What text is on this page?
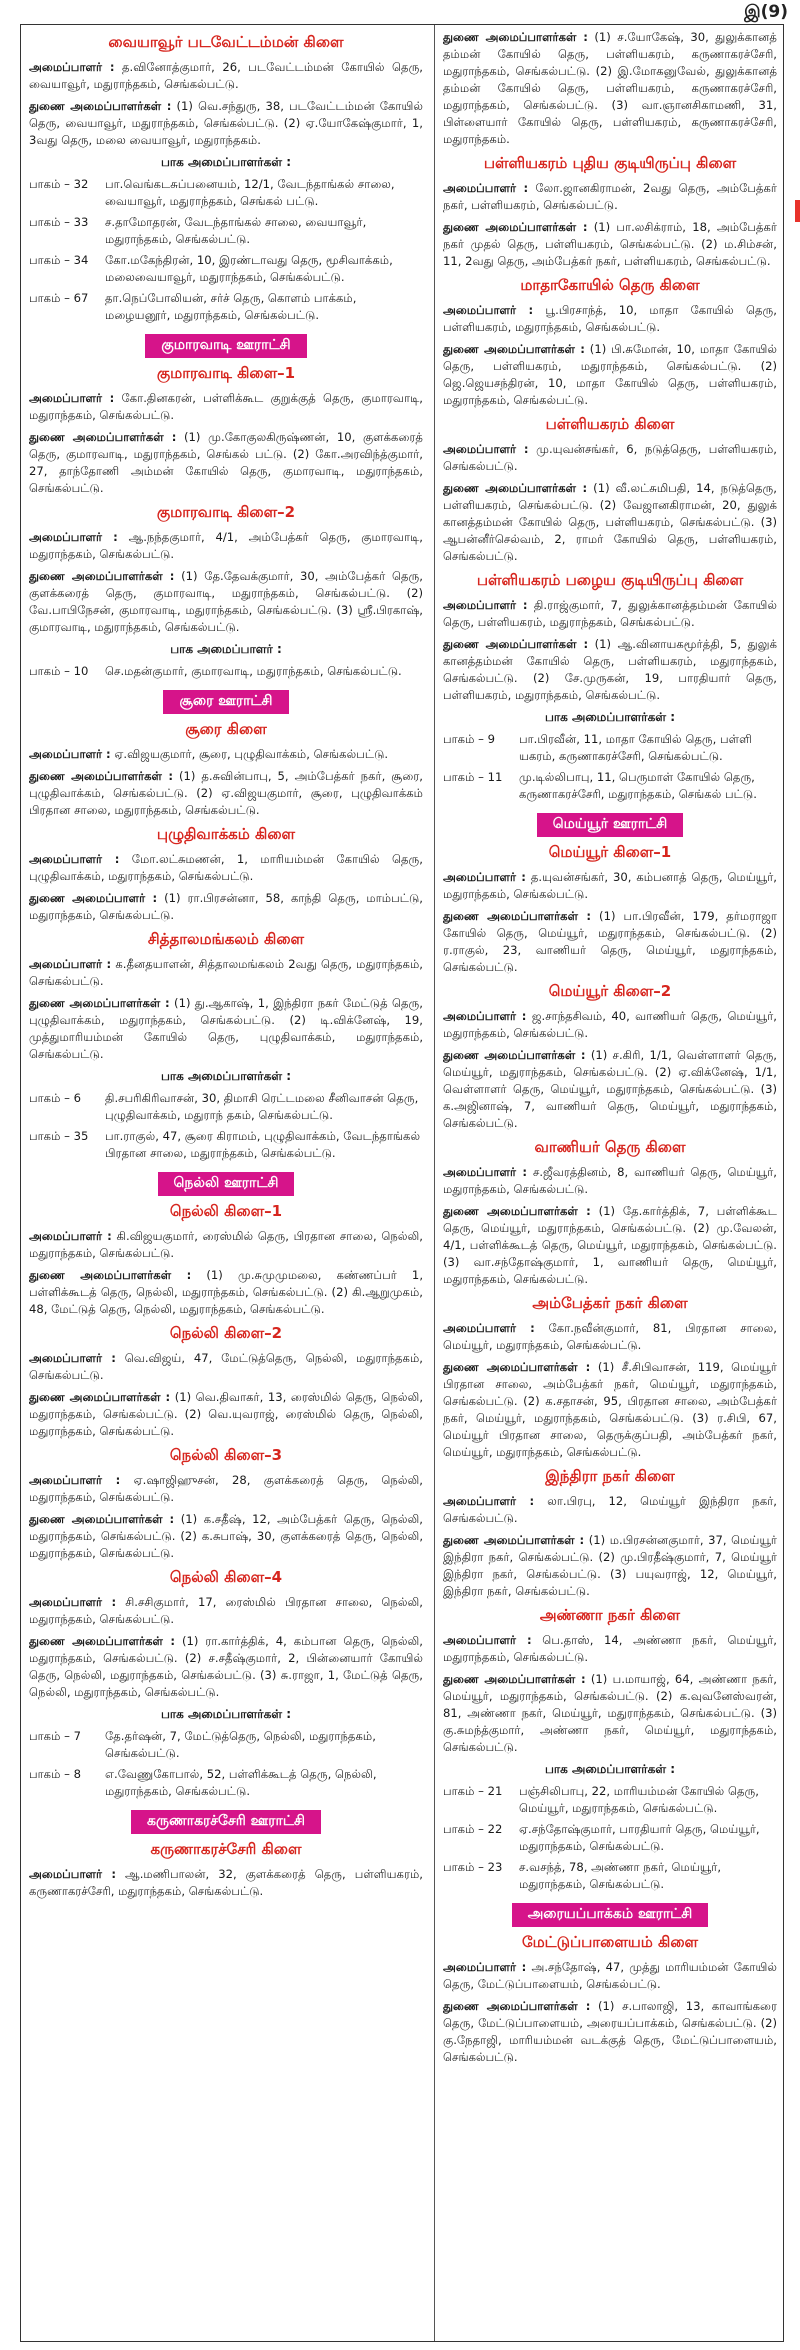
இ(9)
வையாவூர் படவேட்டம்மன் கிளை

அமைப்பாளர் : த.வினோத்குமார், 26, படவேட்டம்மன் கோயில் தெரு, வையாவூர், மதுராந்தகம், செங்கல்பட்டு.

துணை அமைப்பாளர்கள் : (1) வெ.சந்துரு, 38, படவேட்டம்மன் கோயில் தெரு, வையாவூர், மதுராந்தகம், செங்கல்பட்டு. (2) ஏ.யோகேஷ்குமார், 1, 3வது தெரு, மலை வையாவூர், மதுராந்தகம்.

பாக அமைப்பாளர்கள் :
பாகம் – 32	பா.வெங்கடசுப்பனையம், 12/1, வேடந்தாங்கல் சாலை, வையாவூர், மதுராந்தகம், செங்கல் பட்டு.
பாகம் – 33	ச.தாமோதரன், வேடந்தாங்கல் சாலை, வையாவூர், மதுராந்தகம், செங்கல்பட்டு.
பாகம் – 34	கோ.மகேந்திரன், 10, இரண்டாவது தெரு, மூசிவாக்கம், மலைவையாவூர், மதுராந்தகம், செங்கல்பட்டு.
பாகம் – 67	தா.நெப்போலியன், சர்ச் தெரு, கொளம் பாக்கம், மழையனூர், மதுராந்தகம், செங்கல்பட்டு.
குமாரவாடி ஊராட்சி
குமாரவாடி கிளை–1

அமைப்பாளர் : கோ.தினகரன், பள்ளிக்கூட குறுக்குத் தெரு, குமாரவாடி, மதுராந்தகம், செங்கல்பட்டு.

துணை அமைப்பாளர்கள் : (1) மு.கோகுலகிருஷ்ணன், 10, குளக்கரைத் தெரு, குமாரவாடி, மதுராந்தகம், செங்கல் பட்டு. (2) கோ.அரவிந்த்குமார், 27, தாந்தோணி அம்மன் கோயில் தெரு, குமாரவாடி, மதுராந்தகம், செங்கல்பட்டு.

குமாரவாடி கிளை–2

அமைப்பாளர் : ஆ.நந்தகுமார், 4/1, அம்பேத்கர் தெரு, குமாரவாடி, மதுராந்தகம், செங்கல்பட்டு.

துணை அமைப்பாளர்கள் : (1) தே.தேவக்குமார், 30, அம்பேத்கர் தெரு, குளக்கரைத் தெரு, குமாரவாடி, மதுராந்தகம், செங்கல்பட்டு. (2) வே.பாபிநேசன், குமாரவாடி, மதுராந்தகம், செங்கல்பட்டு. (3) ஸ்ரீ.பிரகாஷ், குமாரவாடி, மதுராந்தகம், செங்கல்பட்டு.

பாக அமைப்பாளர் :
பாகம் – 10	செ.மதன்குமார், குமாரவாடி, மதுராந்தகம், செங்கல்பட்டு.
சூரை ஊராட்சி
சூரை கிளை

அமைப்பாளர் : ஏ.விஜயகுமார், சூரை, புழுதிவாக்கம், செங்கல்பட்டு.

துணை அமைப்பாளர்கள் : (1) த.சுவின்பாபு, 5, அம்பேத்கர் நகர், சூரை, புழுதிவாக்கம், செங்கல்பட்டு. (2) ஏ.விஜயகுமார், சூரை, புழுதிவாக்கம் பிரதான சாலை, மதுராந்தகம், செங்கல்பட்டு.

புழுதிவாக்கம் கிளை

அமைப்பாளர் : மோ.லட்சுமணன், 1, மாரியம்மன் கோயில் தெரு, புழுதிவாக்கம், மதுராந்தகம், செங்கல்பட்டு.

துணை அமைப்பாளர் : (1) ரா.பிரசன்னா, 58, காந்தி தெரு, மாம்பட்டு, மதுராந்தகம், செங்கல்பட்டு.

சித்தாலமங்கலம் கிளை

அமைப்பாளர் : க.தீனதயாளன், சித்தாலமங்கலம் 2வது தெரு, மதுராந்தகம், செங்கல்பட்டு.

துணை அமைப்பாளர்கள் : (1) து.ஆகாஷ், 1, இந்திரா நகர் மேட்டுத் தெரு, புழுதிவாக்கம், மதுராந்தகம், செங்கல்பட்டு. (2) டி.விக்னேஷ், 19, முத்துமாரியம்மன் கோயில் தெரு, புழுதிவாக்கம், மதுராந்தகம், செங்கல்பட்டு.

பாக அமைப்பாளர்கள் :
பாகம் – 6	தி.சபரிகிரிவாசன், 30, திமாசி ரெட்டமலை சீனிவாசன் தெரு, புழுதிவாக்கம், மதுராந் தகம், செங்கல்பட்டு.
பாகம் – 35	பா.ராகுல், 47, சூரை கிராமம், புழுதிவாக்கம், வேடந்தாங்கல் பிரதான சாலை, மதுராந்தகம், செங்கல்பட்டு.
நெல்லி ஊராட்சி
நெல்லி கிளை–1

அமைப்பாளர் : கி.விஜயகுமார், ரைஸ்மில் தெரு, பிரதான சாலை, நெல்லி, மதுராந்தகம், செங்கல்பட்டு.

துணை அமைப்பாளர்கள் : (1) மு.சுமுமுமலை, கண்ணப்பர் 1, பள்ளிக்கூடத் தெரு, நெல்லி, மதுராந்தகம், செங்கல்பட்டு. (2) கி.ஆறுமுகம், 48, மேட்டுத் தெரு, நெல்லி, மதுராந்தகம், செங்கல்பட்டு.

நெல்லி கிளை–2

அமைப்பாளர் : வெ.விஜய், 47, மேட்டுத்தெரு, நெல்லி, மதுராந்தகம், செங்கல்பட்டு.

துணை அமைப்பாளர்கள் : (1) வெ.திவாகர், 13, ரைஸ்மில் தெரு, நெல்லி, மதுராந்தகம், செங்கல்பட்டு. (2) வெ.யுவராஜ், ரைஸ்மில் தெரு, நெல்லி, மதுராந்தகம், செங்கல்பட்டு.

நெல்லி கிளை–3

அமைப்பாளர் : ஏ.ஷாஜிஹுசன், 28, குளக்கரைத் தெரு, நெல்லி, மதுராந்தகம், செங்கல்பட்டு.

துணை அமைப்பாளர்கள் : (1) க.சதீஷ், 12, அம்பேத்கர் தெரு, நெல்லி, மதுராந்தகம், செங்கல்பட்டு. (2) க.சுபாஷ், 30, குளக்கரைத் தெரு, நெல்லி, மதுராந்தகம், செங்கல்பட்டு.

நெல்லி கிளை–4

அமைப்பாளர் : சி.சசிகுமார், 17, ரைஸ்மில் பிரதான சாலை, நெல்லி, மதுராந்தகம், செங்கல்பட்டு.

துணை அமைப்பாளர்கள் : (1) ரா.கார்த்திக், 4, கம்பான தெரு, நெல்லி, மதுராந்தகம், செங்கல்பட்டு. (2) ச.சதீஷ்குமார், 2, பின்னையார் கோயில் தெரு, நெல்லி, மதுராந்தகம், செங்கல்பட்டு. (3) சு.ராஜா, 1, மேட்டுத் தெரு, நெல்லி, மதுராந்தகம், செங்கல்பட்டு.

பாக அமைப்பாளர்கள் :
பாகம் – 7	தே.தர்ஷன், 7, மேட்டுத்தெரு, நெல்லி, மதுராந்தகம், செங்கல்பட்டு.
பாகம் – 8	எ.வேணுகோபால், 52, பள்ளிக்கூடத் தெரு, நெல்லி, மதுராந்தகம், செங்கல்பட்டு.
கருணாகரச்சேரி ஊராட்சி
கருணாகரச்சேரி கிளை

அமைப்பாளர் : ஆ.மணிபாலன், 32, குளக்கரைத் தெரு, பள்ளியகரம், கருணாகரச்சேரி, மதுராந்தகம், செங்கல்பட்டு.

துணை அமைப்பாளர்கள் : (1) ச.யோகேஷ், 30, துலுக்கானத் தம்மன் கோயில் தெரு, பள்ளியகரம், கருணாகரச்சேரி, மதுராந்தகம், செங்கல்பட்டு. (2) இ.மோகனுவேல், துலுக்கானத் தம்மன் கோயில் தெரு, பள்ளியகரம், கருணாகரச்சேரி, மதுராந்தகம், செங்கல்பட்டு. (3) வா.ஞானசிகாமணி, 31, பிள்ளையார் கோயில் தெரு, பள்ளியகரம், கருணாகரச்சேரி, மதுராந்தகம்.

பள்ளியகரம் புதிய குடியிருப்பு கிளை

அமைப்பாளர் : லோ.ஜானகிராமன், 2வது தெரு, அம்பேத்கர் நகர், பள்ளியகரம், செங்கல்பட்டு.

துணை அமைப்பாளர்கள் : (1) பா.லசிக்ராம், 18, அம்பேத்கர் நகர் முதல் தெரு, பள்ளியகரம், செங்கல்பட்டு. (2) ம.சிம்சன், 11, 2வது தெரு, அம்பேத்கர் நகர், பள்ளியகரம், செங்கல்பட்டு.

மாதாகோயில் தெரு கிளை

அமைப்பாளர் : பூ.பிரசாந்த், 10, மாதா கோயில் தெரு, பள்ளியகரம், மதுராந்தகம், செங்கல்பட்டு.

துணை அமைப்பாளர்கள் : (1) பி.சுமோன், 10, மாதா கோயில் தெரு, பள்ளியகரம், மதுராந்தகம், செங்கல்பட்டு. (2) ஜெ.ஜெயசந்திரன், 10, மாதா கோயில் தெரு, பள்ளியகரம், மதுராந்தகம், செங்கல்பட்டு.

பள்ளியகரம் கிளை

அமைப்பாளர் : மு.யுவன்சங்கர், 6, நடுத்தெரு, பள்ளியகரம், செங்கல்பட்டு.

துணை அமைப்பாளர்கள் : (1) வீ.லட்சுமிபதி, 14, நடுத்தெரு, பள்ளியகரம், செங்கல்பட்டு. (2) வேஜானகிராமன், 20, துலுக் கானத்தம்மன் கோயில் தெரு, பள்ளியகரம், செங்கல்பட்டு. (3) ஆபன்னீர்செல்வம், 2, ராமர் கோயில் தெரு, பள்ளியகரம், செங்கல்பட்டு.

பள்ளியகரம் பழைய குடியிருப்பு கிளை

அமைப்பாளர் : தி.ராஜ்குமார், 7, துலுக்கானத்தம்மன் கோயில் தெரு, பள்ளியகரம், மதுராந்தகம், செங்கல்பட்டு.

துணை அமைப்பாளர்கள் : (1) ஆ.வினாயகமூர்த்தி, 5, துலுக் கானத்தம்மன் கோயில் தெரு, பள்ளியகரம், மதுராந்தகம், செங்கல்பட்டு. (2) சே.முருகன், 19, பாரதியார் தெரு, பள்ளியகரம், மதுராந்தகம், செங்கல்பட்டு.

பாக அமைப்பாளர்கள் :
பாகம் – 9	பா.பிரவீன், 11, மாதா கோயில் தெரு, பள்ளி யகரம், கருணாகரச்சேரி, செங்கல்பட்டு.
பாகம் – 11	மு.டில்லிபாபு, 11, பெருமாள் கோயில் தெரு, கருணாகரச்சேரி, மதுராந்தகம், செங்கல் பட்டு.
மெய்யூர் ஊராட்சி
மெய்யூர் கிளை–1

அமைப்பாளர் : த.யுவன்சங்கர், 30, கம்பனாத் தெரு, மெய்யூர், மதுராந்தகம், செங்கல்பட்டு.

துணை அமைப்பாளர்கள் : (1) பா.பிரவீன், 179, தர்மராஜா கோயில் தெரு, மெய்யூர், மதுராந்தகம், செங்கல்பட்டு. (2) ர.ராகுல், 23, வாணியர் தெரு, மெய்யூர், மதுராந்தகம், செங்கல்பட்டு.

மெய்யூர் கிளை–2

அமைப்பாளர் : ஜ.சாந்தசிவம், 40, வாணியர் தெரு, மெய்யூர், மதுராந்தகம், செங்கல்பட்டு.

துணை அமைப்பாளர்கள் : (1) ச.கிரி, 1/1, வெள்ளாளர் தெரு, மெய்யூர், மதுராந்தகம், செங்கல்பட்டு. (2) ஏ.விக்னேஷ், 1/1, வெள்ளாளர் தெரு, மெய்யூர், மதுராந்தகம், செங்கல்பட்டு. (3) க.அஜினாஷ், 7, வாணியர் தெரு, மெய்யூர், மதுராந்தகம், செங்கல்பட்டு.

வாணியர் தெரு கிளை

அமைப்பாளர் : ச.ஜீவரத்தினம், 8, வாணியர் தெரு, மெய்யூர், மதுராந்தகம், செங்கல்பட்டு.

துணை அமைப்பாளர்கள் : (1) தே.கார்த்திக், 7, பள்ளிக்கூட தெரு, மெய்யூர், மதுராந்தகம், செங்கல்பட்டு. (2) மு.வேலன், 4/1, பள்ளிக்கூடத் தெரு, மெய்யூர், மதுராந்தகம், செங்கல்பட்டு. (3) வா.சந்தோஷ்குமார், 1, வாணியர் தெரு, மெய்யூர், மதுராந்தகம், செங்கல்பட்டு.

அம்பேத்கர் நகர் கிளை

அமைப்பாளர் : கோ.நவீன்குமார், 81, பிரதான சாலை, மெய்யூர், மதுராந்தகம், செங்கல்பட்டு.

துணை அமைப்பாளர்கள் : (1) சீ.சிபிவாசன், 119, மெய்யூர் பிரதான சாலை, அம்பேத்கர் நகர், மெய்யூர், மதுராந்தகம், செங்கல்பட்டு. (2) க.சதாசன், 95, பிரதான சாலை, அம்பேத்கர் நகர், மெய்யூர், மதுராந்தகம், செங்கல்பட்டு. (3) ர.சிபி, 67, மெய்யூர் பிரதான சாலை, தெருக்குப்பதி, அம்பேத்கர் நகர், மெய்யூர், மதுராந்தகம், செங்கல்பட்டு.

இந்திரா நகர் கிளை

அமைப்பாளர் : லா.பிரபு, 12, மெய்யூர் இந்திரா நகர், செங்கல்பட்டு.

துணை அமைப்பாளர்கள் : (1) ம.பிரசன்னகுமார், 37, மெய்யூர் இந்திரா நகர், செங்கல்பட்டு. (2) மு.பிரதீஷ்குமார், 7, மெய்யூர் இந்திரா நகர், செங்கல்பட்டு. (3) பயுவராஜ், 12, மெய்யூர், இந்திரா நகர், செங்கல்பட்டு.

அண்ணா நகர் கிளை

அமைப்பாளர் : பெ.தாஸ், 14, அண்ணா நகர், மெய்யூர், மதுராந்தகம், செங்கல்பட்டு.

துணை அமைப்பாளர்கள் : (1) ப.மாயாஜ், 64, அண்ணா நகர், மெய்யூர், மதுராந்தகம், செங்கல்பட்டு. (2) க.வுவனேஸ்வரன், 81, அண்ணா நகர், மெய்யூர், மதுராந்தகம், செங்கல்பட்டு. (3) கு.சுமந்த்குமார், அண்ணா நகர், மெய்யூர், மதுராந்தகம், செங்கல்பட்டு.

பாக அமைப்பாளர்கள் :
பாகம் – 21	பஞ்சிலிபாபு, 22, மாரியம்மன் கோயில் தெரு, மெய்யூர், மதுராந்தகம், செங்கல்பட்டு.
பாகம் – 22	ஏ.சந்தோஷ்குமார், பாரதியார் தெரு, மெய்யூர், மதுராந்தகம், செங்கல்பட்டு.
பாகம் – 23	ச.வசந்த், 78, அண்ணா நகர், மெய்யூர், மதுராந்தகம், செங்கல்பட்டு.
அரையப்பாக்கம் ஊராட்சி
மேட்டுப்பாளையம் கிளை

அமைப்பாளர் : அ.சந்தோஷ், 47, முத்து மாரியம்மன் கோயில் தெரு, மேட்டுப்பாளையம், செங்கல்பட்டு.

துணை அமைப்பாளர்கள் : (1) ச.பாலாஜி, 13, காவாங்கரை தெரு, மேட்டுப்பாளையம், அரையப்பாக்கம், செங்கல்பட்டு. (2) கு.நேதாஜி, மாரியம்மன் வடக்குத் தெரு, மேட்டுப்பாளையம், செங்கல்பட்டு.
